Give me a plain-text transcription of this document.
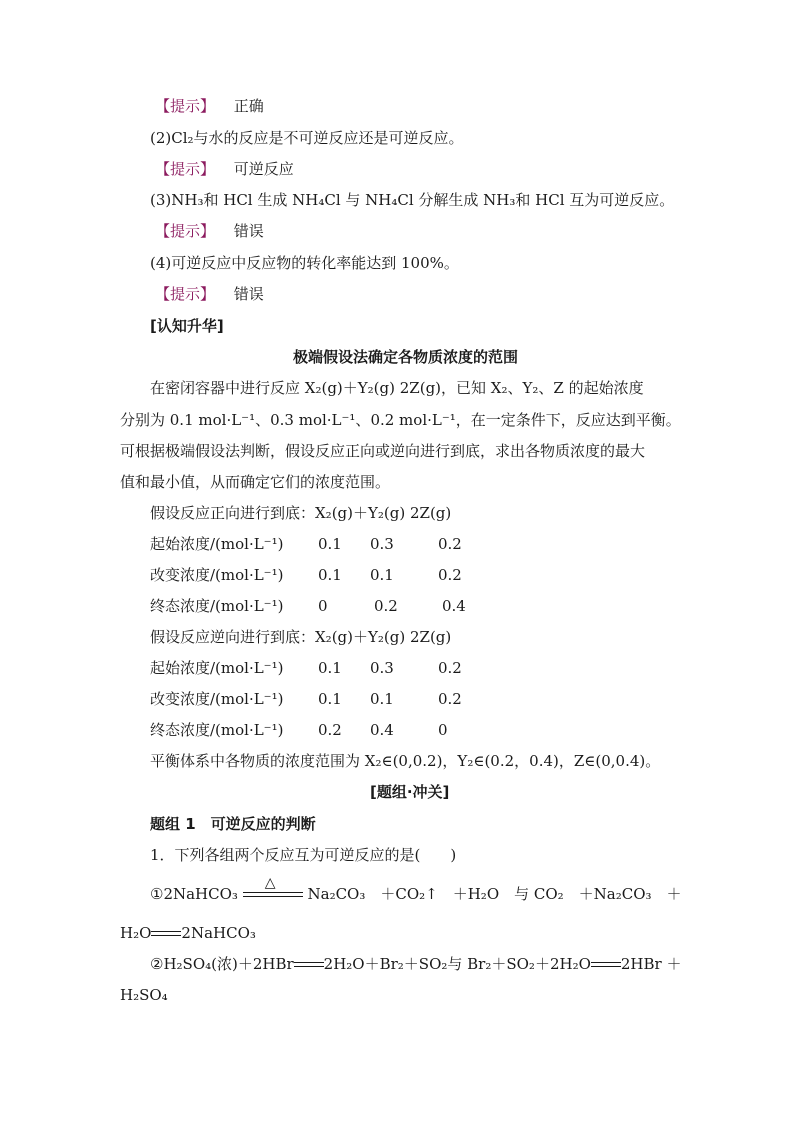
【提示】 正确
(2)Cl₂与水的反应是不可逆反应还是可逆反应。
【提示】 可逆反应
(3)NH₃和 HCl 生成 NH₄Cl 与 NH₄Cl 分解生成 NH₃和 HCl 互为可逆反应。
【提示】 错误
(4)可逆反应中反应物的转化率能达到 100%。
【提示】 错误
[认知升华]
极端假设法确定各物质浓度的范围
在密闭容器中进行反应 X₂(g)＋Y₂(g) 2Z(g)，已知 X₂、Y₂、Z 的起始浓度
分别为 0.1 mol·L⁻¹、0.3 mol·L⁻¹、0.2 mol·L⁻¹，在一定条件下，反应达到平衡。
可根据极端假设法判断，假设反应正向或逆向进行到底，求出各物质浓度的最大
值和最小值，从而确定它们的浓度范围。
假设反应正向进行到底：X₂(g)＋Y₂(g) 2Z(g)
起始浓度/(mol·L⁻¹) 0.1 0.3	0.2
改变浓度/(mol·L⁻¹) 0.1 0.1	0.2
终态浓度/(mol·L⁻¹) 0	0.2	0.4
假设反应逆向进行到底：X₂(g)＋Y₂(g) 2Z(g)
起始浓度/(mol·L⁻¹) 0.1 0.3	0.2
改变浓度/(mol·L⁻¹) 0.1 0.1	0.2
终态浓度/(mol·L⁻¹) 0.2 0.4	0
平衡体系中各物质的浓度范围为 X₂∈(0,0.2)，Y₂∈(0.2，0.4)，Z∈(0,0.4)。
[题组·冲关]
题组 1　可逆反应的判断
1．下列各组两个反应互为可逆反应的是(　　)
①2NaHCO₃
△
Na₂CO₃　＋CO₂↑　＋H₂O　与 CO₂　＋Na₂CO₃　＋
H₂O 2NaHCO₃
②H₂SO₄(浓)＋2HBr 2H₂O＋Br₂＋SO₂与 Br₂＋SO₂＋2H₂O 2HBr ＋
H₂SO₄
